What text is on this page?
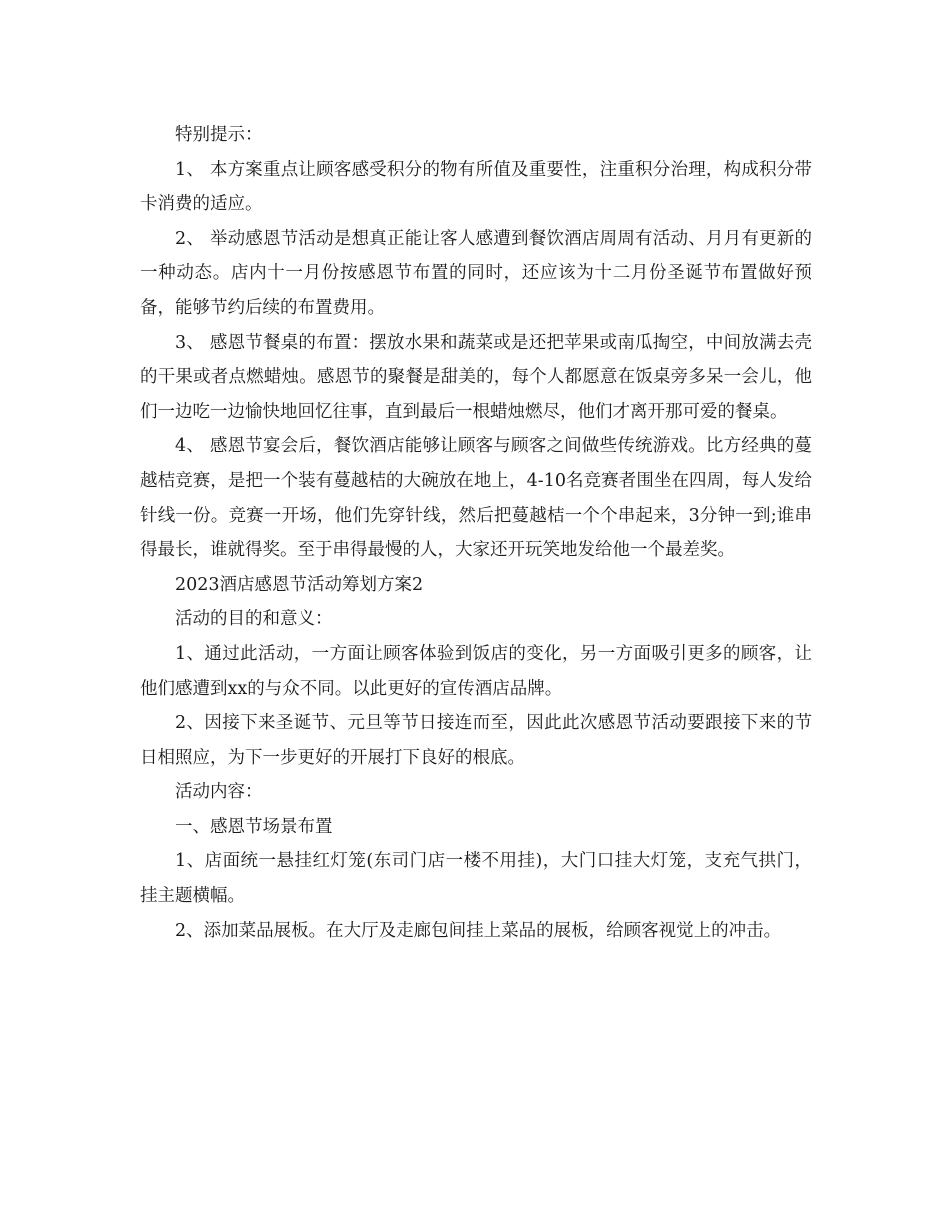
特别提示：

1、 本方案重点让顾客感受积分的物有所值及重要性，注重积分治理，构成积分带卡消费的适应。

2、 举动感恩节活动是想真正能让客人感遭到餐饮酒店周周有活动、月月有更新的一种动态。店内十一月份按感恩节布置的同时，还应该为十二月份圣诞节布置做好预备，能够节约后续的布置费用。

3、 感恩节餐桌的布置：摆放水果和蔬菜或是还把苹果或南瓜掏空，中间放满去壳的干果或者点燃蜡烛。感恩节的聚餐是甜美的，每个人都愿意在饭桌旁多呆一会儿，他们一边吃一边愉快地回忆往事，直到最后一根蜡烛燃尽，他们才离开那可爱的餐桌。

4、 感恩节宴会后，餐饮酒店能够让顾客与顾客之间做些传统游戏。比方经典的蔓越桔竞赛，是把一个装有蔓越桔的大碗放在地上，4-10名竞赛者围坐在四周，每人发给针线一份。竞赛一开场，他们先穿针线，然后把蔓越桔一个个串起来，3分钟一到;谁串得最长，谁就得奖。至于串得最慢的人，大家还开玩笑地发给他一个最差奖。

2023酒店感恩节活动筹划方案2

活动的目的和意义：

1、通过此活动，一方面让顾客体验到饭店的变化，另一方面吸引更多的顾客，让他们感遭到xx的与众不同。以此更好的宣传酒店品牌。

2、因接下来圣诞节、元旦等节日接连而至，因此此次感恩节活动要跟接下来的节日相照应，为下一步更好的开展打下良好的根底。

活动内容：

一、感恩节场景布置

1、店面统一悬挂红灯笼(东司门店一楼不用挂)，大门口挂大灯笼，支充气拱门，挂主题横幅。

2、添加菜品展板。在大厅及走廊包间挂上菜品的展板，给顾客视觉上的冲击。
